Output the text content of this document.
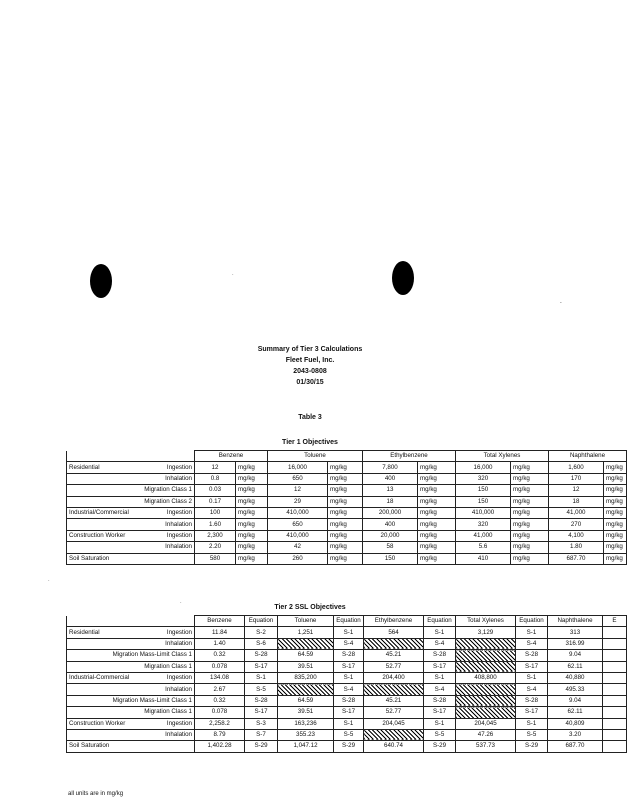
Summary of Tier 3 Calculations
Fleet Fuel, Inc.
2043-0808
01/30/15
Table 3
Tier 1 Objectives
	Benzene		Toluene		Ethylbenzene		Total Xylenes		Naphthalene	
Residential Ingestion	12	mg/kg	16,000	mg/kg	7,800	mg/kg	16,000	mg/kg	1,600	mg/kg

Inhalation	0.8	mg/kg	650	mg/kg	400	mg/kg	320	mg/kg	170	mg/kg

Migration Class 1	0.03	mg/kg	12	mg/kg	13	mg/kg	150	mg/kg	12	mg/kg

Migration Class 2	0.17	mg/kg	29	mg/kg	18	mg/kg	150	mg/kg	18	mg/kg
Industrial/Commercial Ingestion	100	mg/kg	410,000	mg/kg	200,000	mg/kg	410,000	mg/kg	41,000	mg/kg

Inhalation	1.60	mg/kg	650	mg/kg	400	mg/kg	320	mg/kg	270	mg/kg
Construction Worker Ingestion	2,300	mg/kg	410,000	mg/kg	20,000	mg/kg	41,000	mg/kg	4,100	mg/kg

Inhalation	2.20	mg/kg	42	mg/kg	58	mg/kg	5.6	mg/kg	1.80	mg/kg
Soil Saturation	580	mg/kg	260	mg/kg	150	mg/kg	410	mg/kg	687.70	mg/kg
Tier 2 SSL Objectives
	Benzene	Equation	Toluene	Equation	Ethylbenzene	Equation	Total Xylenes	Equation	Naphthalene	E
Residential Ingestion	11.84	S-2	1,251	S-1	564	S-1	3,129	S-1	313	

Inhalation	1.40	S-6		S-4		S-4		S-4	316.99	

Migration Mass-Limit Class 1	0.32	S-28	64.59	S-28	45.21	S-28		S-28	9.04	

Migration Class 1	0.078	S-17	39.51	S-17	52.77	S-17		S-17	62.11	
Industrial-Commercial Ingestion	134.08	S-1	835,200	S-1	204,400	S-1	408,800	S-1	40,880	

Inhalation	2.67	S-5		S-4		S-4		S-4	495.33	

Migration Mass-Limit Class 1	0.32	S-28	64.59	S-28	45.21	S-28		S-28	9.04	

Migration Class 1	0.078	S-17	39.51	S-17	52.77	S-17		S-17	62.11	
Construction Worker Ingestion	2,258.2	S-3	163,236	S-1	204,045	S-1	204,045	S-1	40,809	

Inhalation	8.79	S-7	355.23	S-5		S-5	47.26	S-5	3.20	
Soil Saturation	1,402.28	S-29	1,047.12	S-29	640.74	S-29	537.73	S-29	687.70	
all units are in mg/kg
·
-
·
·
